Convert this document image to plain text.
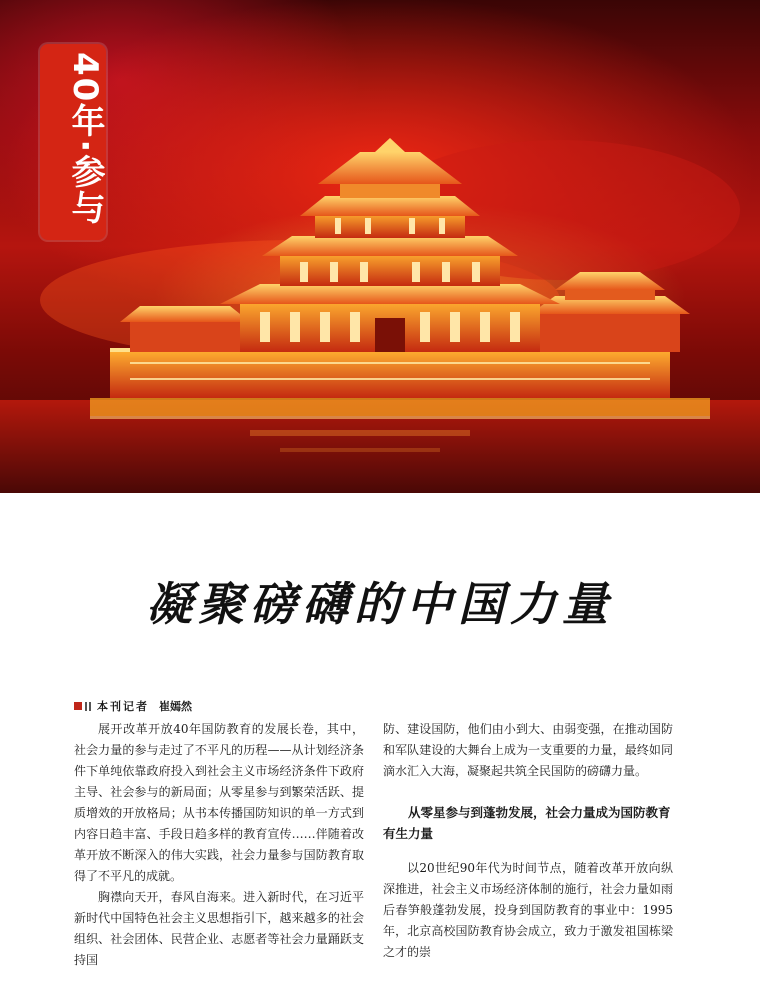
40年·参与
凝聚磅礴的中国力量
本刊记者 崔嫣然

展开改革开放40年国防教育的发展长卷，其中，社会力量的参与走过了不平凡的历程——从计划经济条件下单纯依靠政府投入到社会主义市场经济条件下政府主导、社会参与的新局面；从零星参与到繁荣活跃、提质增效的开放格局；从书本传播国防知识的单一方式到内容日趋丰富、手段日趋多样的教育宣传……伴随着改革开放不断深入的伟大实践，社会力量参与国防教育取得了不平凡的成就。

胸襟向天开，春风自海来。进入新时代，在习近平新时代中国特色社会主义思想指引下，越来越多的社会组织、社会团体、民营企业、志愿者等社会力量踊跃支持国

防、建设国防，他们由小到大、由弱变强，在推动国防和军队建设的大舞台上成为一支重要的力量，最终如同滴水汇入大海，凝聚起共筑全民国防的磅礴力量。

从零星参与到蓬勃发展，社会力量成为国防教育有生力量

以20世纪90年代为时间节点，随着改革开放向纵深推进，社会主义市场经济体制的施行，社会力量如雨后春笋般蓬勃发展，投身到国防教育的事业中：1995年，北京高校国防教育协会成立，致力于激发祖国栋梁之才的崇
